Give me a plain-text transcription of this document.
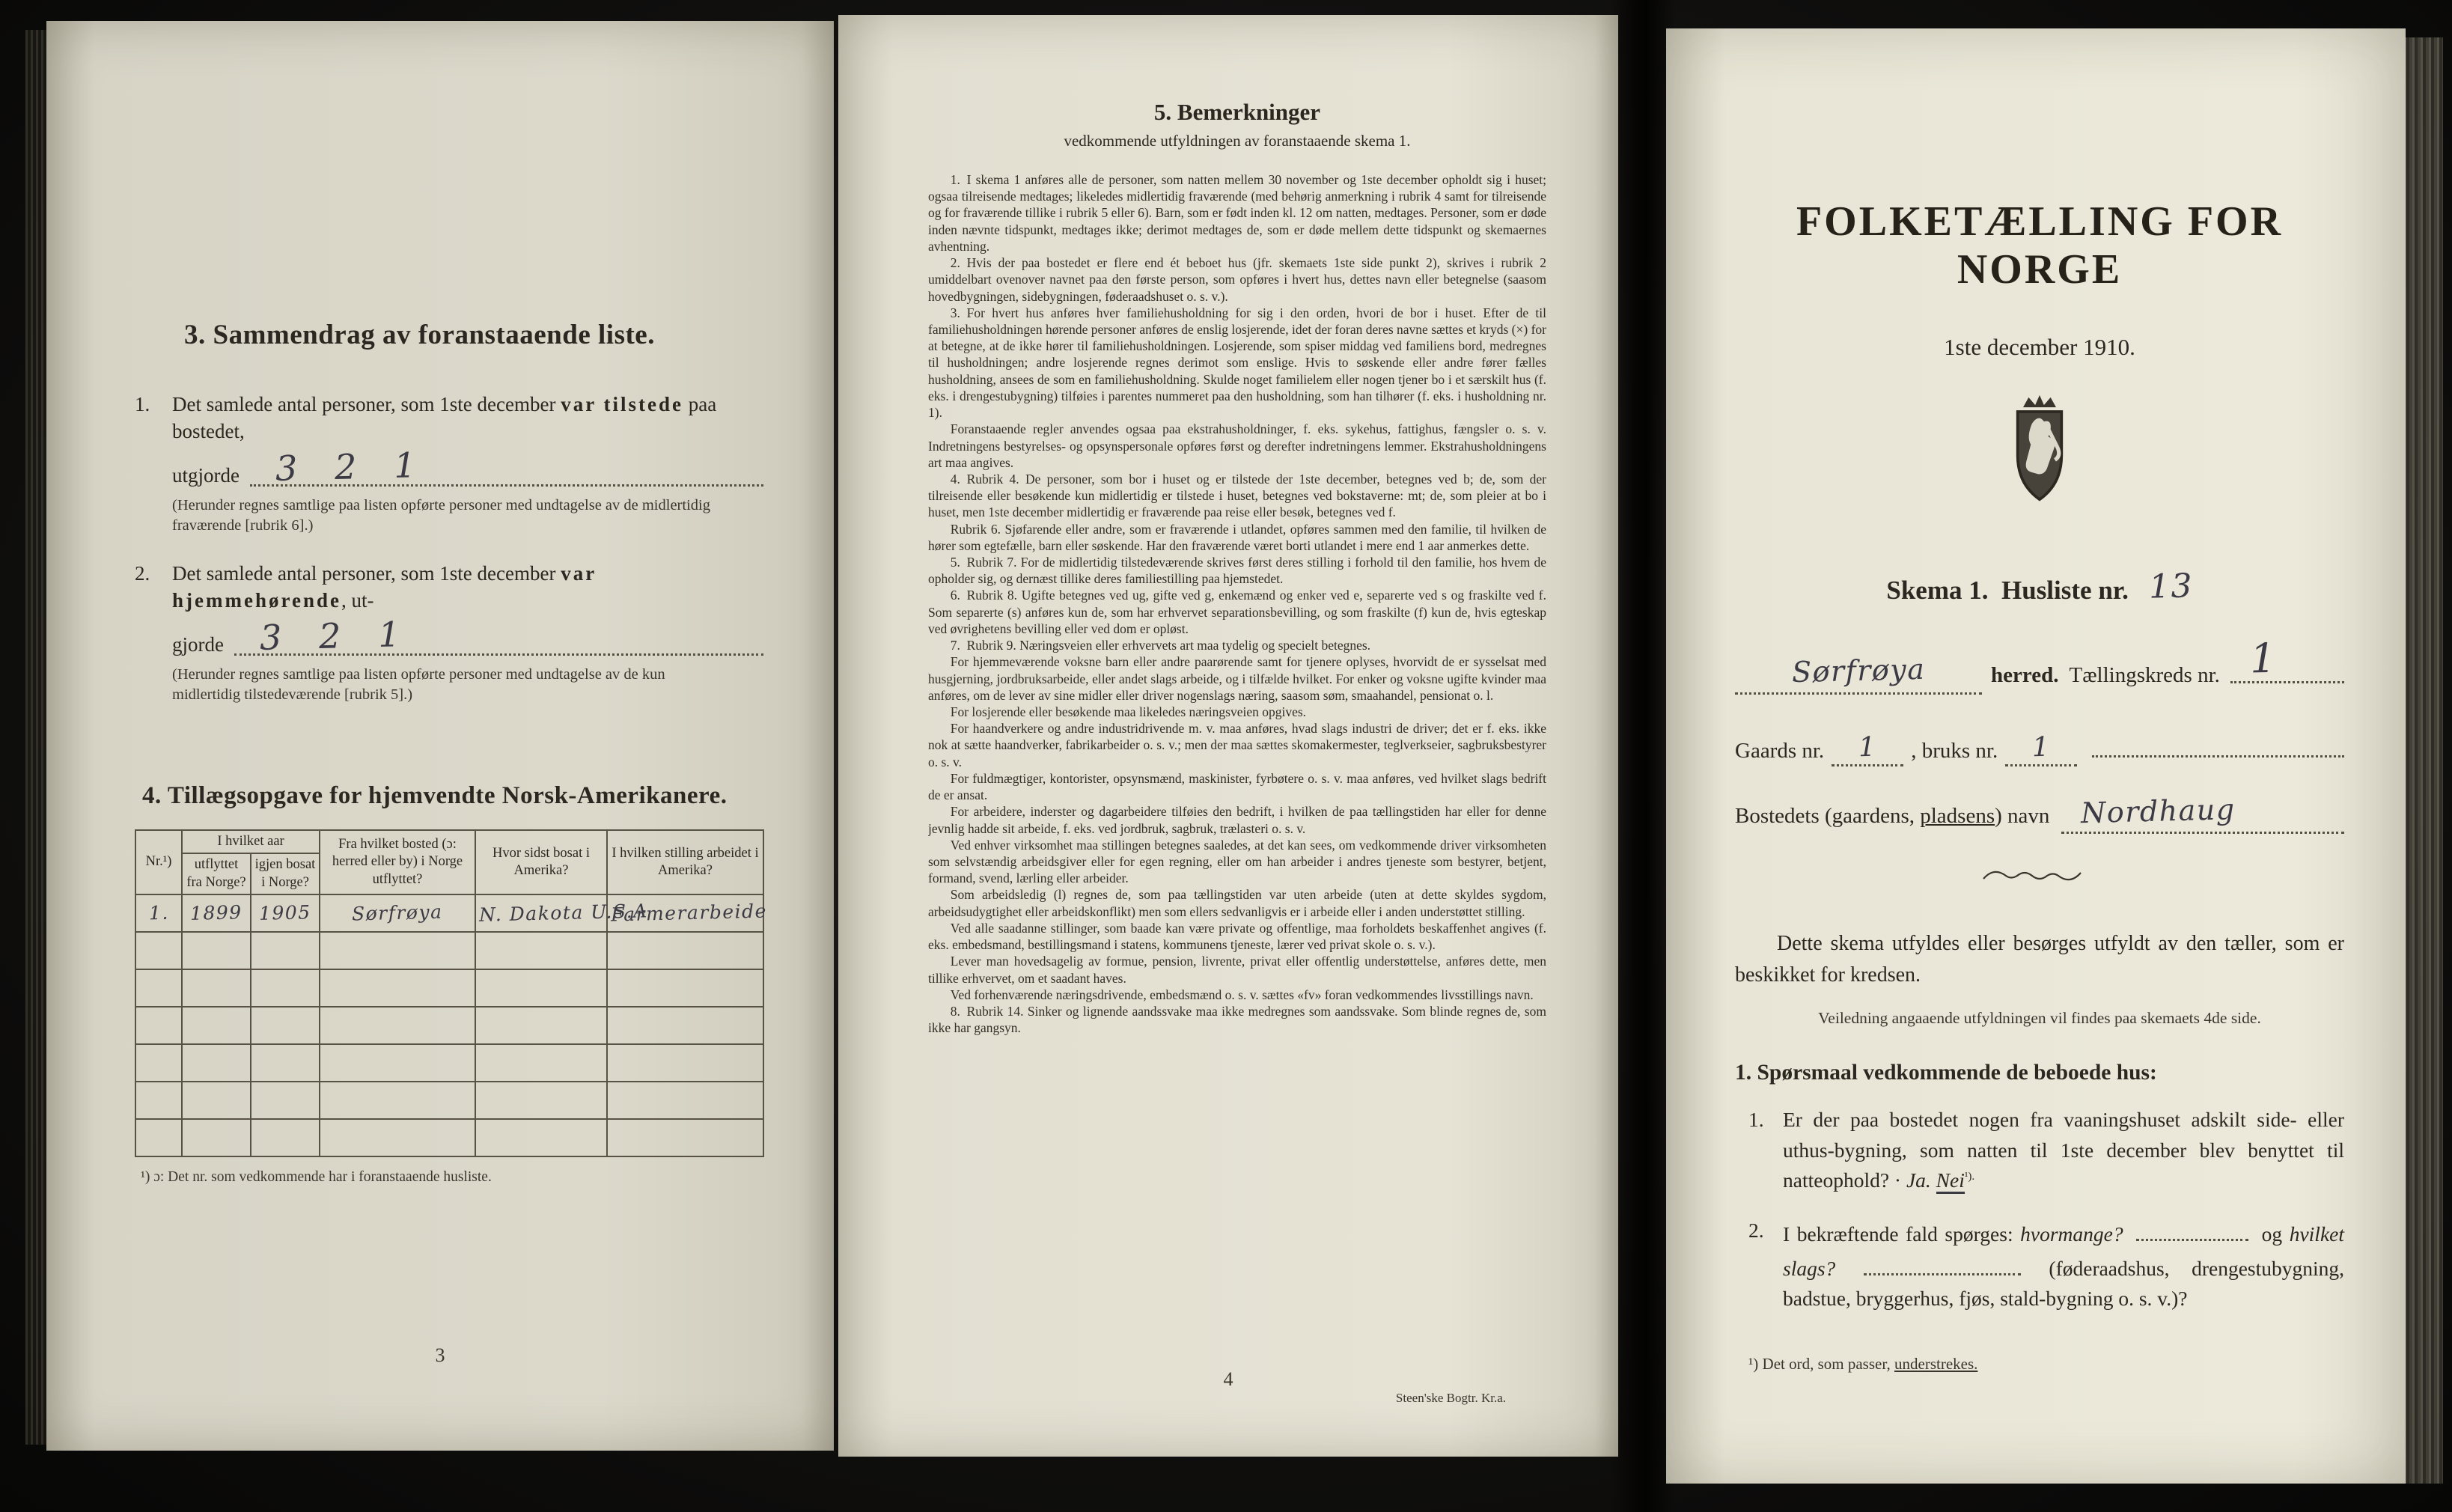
3. Sammendrag av foranstaaende liste.
1. Det samlede antal personer, som 1ste december var tilstede paa bostedet,

utgjorde	3   2   1

(Herunder regnes samtlige paa listen opførte personer med undtagelse av de midlertidig fraværende [rubrik 6].)

2. Det samlede antal personer, som 1ste december var hjemmehørende, ut-

gjorde	3   2   1

(Herunder regnes samtlige paa listen opførte personer med undtagelse av de kun midlertidig tilstedeværende [rubrik 5].)

4. Tillægsopgave for hjemvendte Norsk-Amerikanere.
Nr.¹)	I hvilket aar		Fra hvilket bosted (ɔ: herred eller by) i Norge utflyttet?	Hvor sidst bosat i Amerika?	I hvilken stilling arbeidet i Amerika?
	utflyttet fra Norge?	igjen bosat i Norge?			
1.	1899	1905	Sørfrøya	N. Dakota U.S.A	Farmerarbeide

¹) ɔ: Det nr. som vedkommende har i foranstaaende husliste.

3
5. Bemerkninger

vedkommende utfyldningen av foranstaaende skema 1.

1. I skema 1 anføres alle de personer, som natten mellem 30 november og 1ste december opholdt sig i huset; ogsaa tilreisende medtages; likeledes midlertidig fraværende (med behørig anmerkning i rubrik 4 samt for tilreisende og for fraværende tillike i rubrik 5 eller 6). Barn, som er født inden kl. 12 om natten, medtages. Personer, som er døde inden nævnte tidspunkt, medtages ikke; derimot medtages de, som er døde mellem dette tidspunkt og skemaernes avhentning.

2. Hvis der paa bostedet er flere end ét beboet hus (jfr. skemaets 1ste side punkt 2), skrives i rubrik 2 umiddelbart ovenover navnet paa den første person, som opføres i hvert hus, dettes navn eller betegnelse (saasom hovedbygningen, sidebygningen, føderaadshuset o. s. v.).

3. For hvert hus anføres hver familiehusholdning for sig i den orden, hvori de bor i huset. Efter de til familiehusholdningen hørende personer anføres de enslig losjerende, idet der foran deres navne sættes et kryds (×) for at betegne, at de ikke hører til familiehusholdningen. Losjerende, som spiser middag ved familiens bord, medregnes til husholdningen; andre losjerende regnes derimot som enslige. Hvis to søskende eller andre fører fælles husholdning, ansees de som en familiehusholdning. Skulde noget familielem eller nogen tjener bo i et særskilt hus (f. eks. i drengestubygning) tilføies i parentes nummeret paa den husholdning, som han tilhører (f. eks. i husholdning nr. 1).

Foranstaaende regler anvendes ogsaa paa ekstrahusholdninger, f. eks. sykehus, fattighus, fængsler o. s. v. Indretningens bestyrelses- og opsynspersonale opføres først og derefter indretningens lemmer. Ekstrahusholdningens art maa angives.

4. Rubrik 4. De personer, som bor i huset og er tilstede der 1ste december, betegnes ved b; de, som der tilreisende eller besøkende kun midlertidig er tilstede i huset, betegnes ved bokstaverne: mt; de, som pleier at bo i huset, men 1ste december midlertidig er fraværende paa reise eller besøk, betegnes ved f.

Rubrik 6. Sjøfarende eller andre, som er fraværende i utlandet, opføres sammen med den familie, til hvilken de hører som egtefælle, barn eller søskende. Har den fraværende været borti utlandet i mere end 1 aar anmerkes dette.

5. Rubrik 7. For de midlertidig tilstedeværende skrives først deres stilling i forhold til den familie, hos hvem de opholder sig, og dernæst tillike deres familiestilling paa hjemstedet.

6. Rubrik 8. Ugifte betegnes ved ug, gifte ved g, enkemænd og enker ved e, separerte ved s og fraskilte ved f. Som separerte (s) anføres kun de, som har erhvervet separationsbevilling, og som fraskilte (f) kun de, hvis egteskap ved øvrighetens bevilling eller ved dom er opløst.

7. Rubrik 9. Næringsveien eller erhvervets art maa tydelig og specielt betegnes.

For hjemmeværende voksne barn eller andre paarørende samt for tjenere oplyses, hvorvidt de er sysselsat med husgjerning, jordbruksarbeide, eller andet slags arbeide, og i tilfælde hvilket. For enker og voksne ugifte kvinder maa anføres, om de lever av sine midler eller driver nogenslags næring, saasom søm, smaahandel, pensionat o. l.

For losjerende eller besøkende maa likeledes næringsveien opgives.

For haandverkere og andre industridrivende m. v. maa anføres, hvad slags industri de driver; det er f. eks. ikke nok at sætte haandverker, fabrikarbeider o. s. v.; men der maa sættes skomakermester, teglverkseier, sagbruksbestyrer o. s. v.

For fuldmægtiger, kontorister, opsynsmænd, maskinister, fyrbøtere o. s. v. maa anføres, ved hvilket slags bedrift de er ansat.

For arbeidere, inderster og dagarbeidere tilføies den bedrift, i hvilken de paa tællingstiden har eller for denne jevnlig hadde sit arbeide, f. eks. ved jordbruk, sagbruk, trælasteri o. s. v.

Ved enhver virksomhet maa stillingen betegnes saaledes, at det kan sees, om vedkommende driver virksomheten som selvstændig arbeidsgiver eller for egen regning, eller om han arbeider i andres tjeneste som bestyrer, betjent, formand, svend, lærling eller arbeider.

Som arbeidsledig (l) regnes de, som paa tællingstiden var uten arbeide (uten at dette skyldes sygdom, arbeidsudygtighet eller arbeidskonflikt) men som ellers sedvanligvis er i arbeide eller i anden understøttet stilling.

Ved alle saadanne stillinger, som baade kan være private og offentlige, maa forholdets beskaffenhet angives (f. eks. embedsmand, bestillingsmand i statens, kommunens tjeneste, lærer ved privat skole o. s. v.).

Lever man hovedsagelig av formue, pension, livrente, privat eller offentlig understøttelse, anføres dette, men tillike erhvervet, om et saadant haves.

Ved forhenværende næringsdrivende, embedsmænd o. s. v. sættes «fv» foran vedkommendes livsstillings navn.

8. Rubrik 14. Sinker og lignende aandssvake maa ikke medregnes som aandssvake. Som blinde regnes de, som ikke har gangsyn.

4
Steen'ske Bogtr. Kr.a.
FOLKETÆLLING FOR NORGE
1ste december 1910.
Skema 1. Husliste nr. 13
Sørfrøya	herred. Tællingskreds nr. 1
Gaards nr.	1	, bruks nr.	1
Bostedets (gaardens, pladsens) navn	Nordhaug

Dette skema utfyldes eller besørges utfyldt av den tæller, som er beskikket for kredsen.

Veiledning angaaende utfyldningen vil findes paa skemaets 4de side.

1. Spørsmaal vedkommende de beboede hus:

1. Er der paa bostedet nogen fra vaaningshuset adskilt side- eller uthus-bygning, som natten til 1ste december blev benyttet til natteophold? · Ja. Nei$^{^1).}$

2. I bekræftende fald spørges: hvormange?	og hvilket slags?	(føderaadshus, drengestubygning, badstue, bryggerhus, fjøs, stald-bygning o. s. v.)?

¹) Det ord, som passer, understrekes.
